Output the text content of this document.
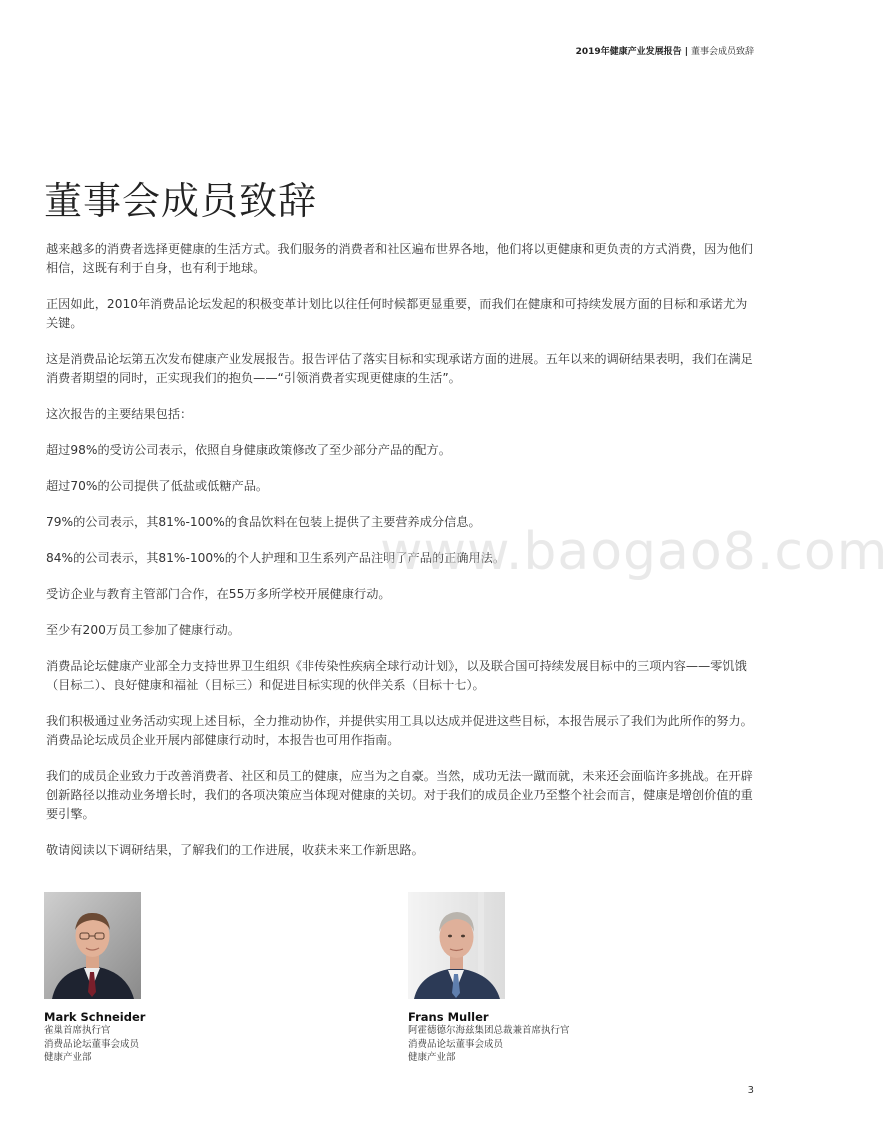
2019年健康产业发展报告 | 董事会成员致辞
董事会成员致辞

越来越多的消费者选择更健康的生活方式。我们服务的消费者和社区遍布世界各地，他们将以更健康和更负责的方式消费，因为他们相信，这既有利于自身，也有利于地球。

正因如此，2010年消费品论坛发起的积极变革计划比以往任何时候都更显重要，而我们在健康和可持续发展方面的目标和承诺尤为关键。

这是消费品论坛第五次发布健康产业发展报告。报告评估了落实目标和实现承诺方面的进展。五年以来的调研结果表明，我们在满足消费者期望的同时，正实现我们的抱负——“引领消费者实现更健康的生活”。

这次报告的主要结果包括：

超过98%的受访公司表示，依照自身健康政策修改了至少部分产品的配方。

超过70%的公司提供了低盐或低糖产品。

79%的公司表示，其81%-100%的食品饮料在包装上提供了主要营养成分信息。

84%的公司表示，其81%-100%的个人护理和卫生系列产品注明了产品的正确用法。

受访企业与教育主管部门合作，在55万多所学校开展健康行动。

至少有200万员工参加了健康行动。

消费品论坛健康产业部全力支持世界卫生组织《非传染性疾病全球行动计划》，以及联合国可持续发展目标中的三项内容——零饥饿（目标二）、良好健康和福祉（目标三）和促进目标实现的伙伴关系（目标十七）。

我们积极通过业务活动实现上述目标，全力推动协作，并提供实用工具以达成并促进这些目标，本报告展示了我们为此所作的努力。消费品论坛成员企业开展内部健康行动时，本报告也可用作指南。

我们的成员企业致力于改善消费者、社区和员工的健康，应当为之自豪。当然，成功无法一蹴而就，未来还会面临许多挑战。在开辟创新路径以推动业务增长时，我们的各项决策应当体现对健康的关切。对于我们的成员企业乃至整个社会而言，健康是增创价值的重要引擎。

敬请阅读以下调研结果，了解我们的工作进展，收获未来工作新思路。

www.baogao8.com
Mark Schneider
雀巢首席执行官
消费品论坛董事会成员
健康产业部
Frans Muller
阿霍德德尔海兹集团总裁兼首席执行官
消费品论坛董事会成员
健康产业部
3
